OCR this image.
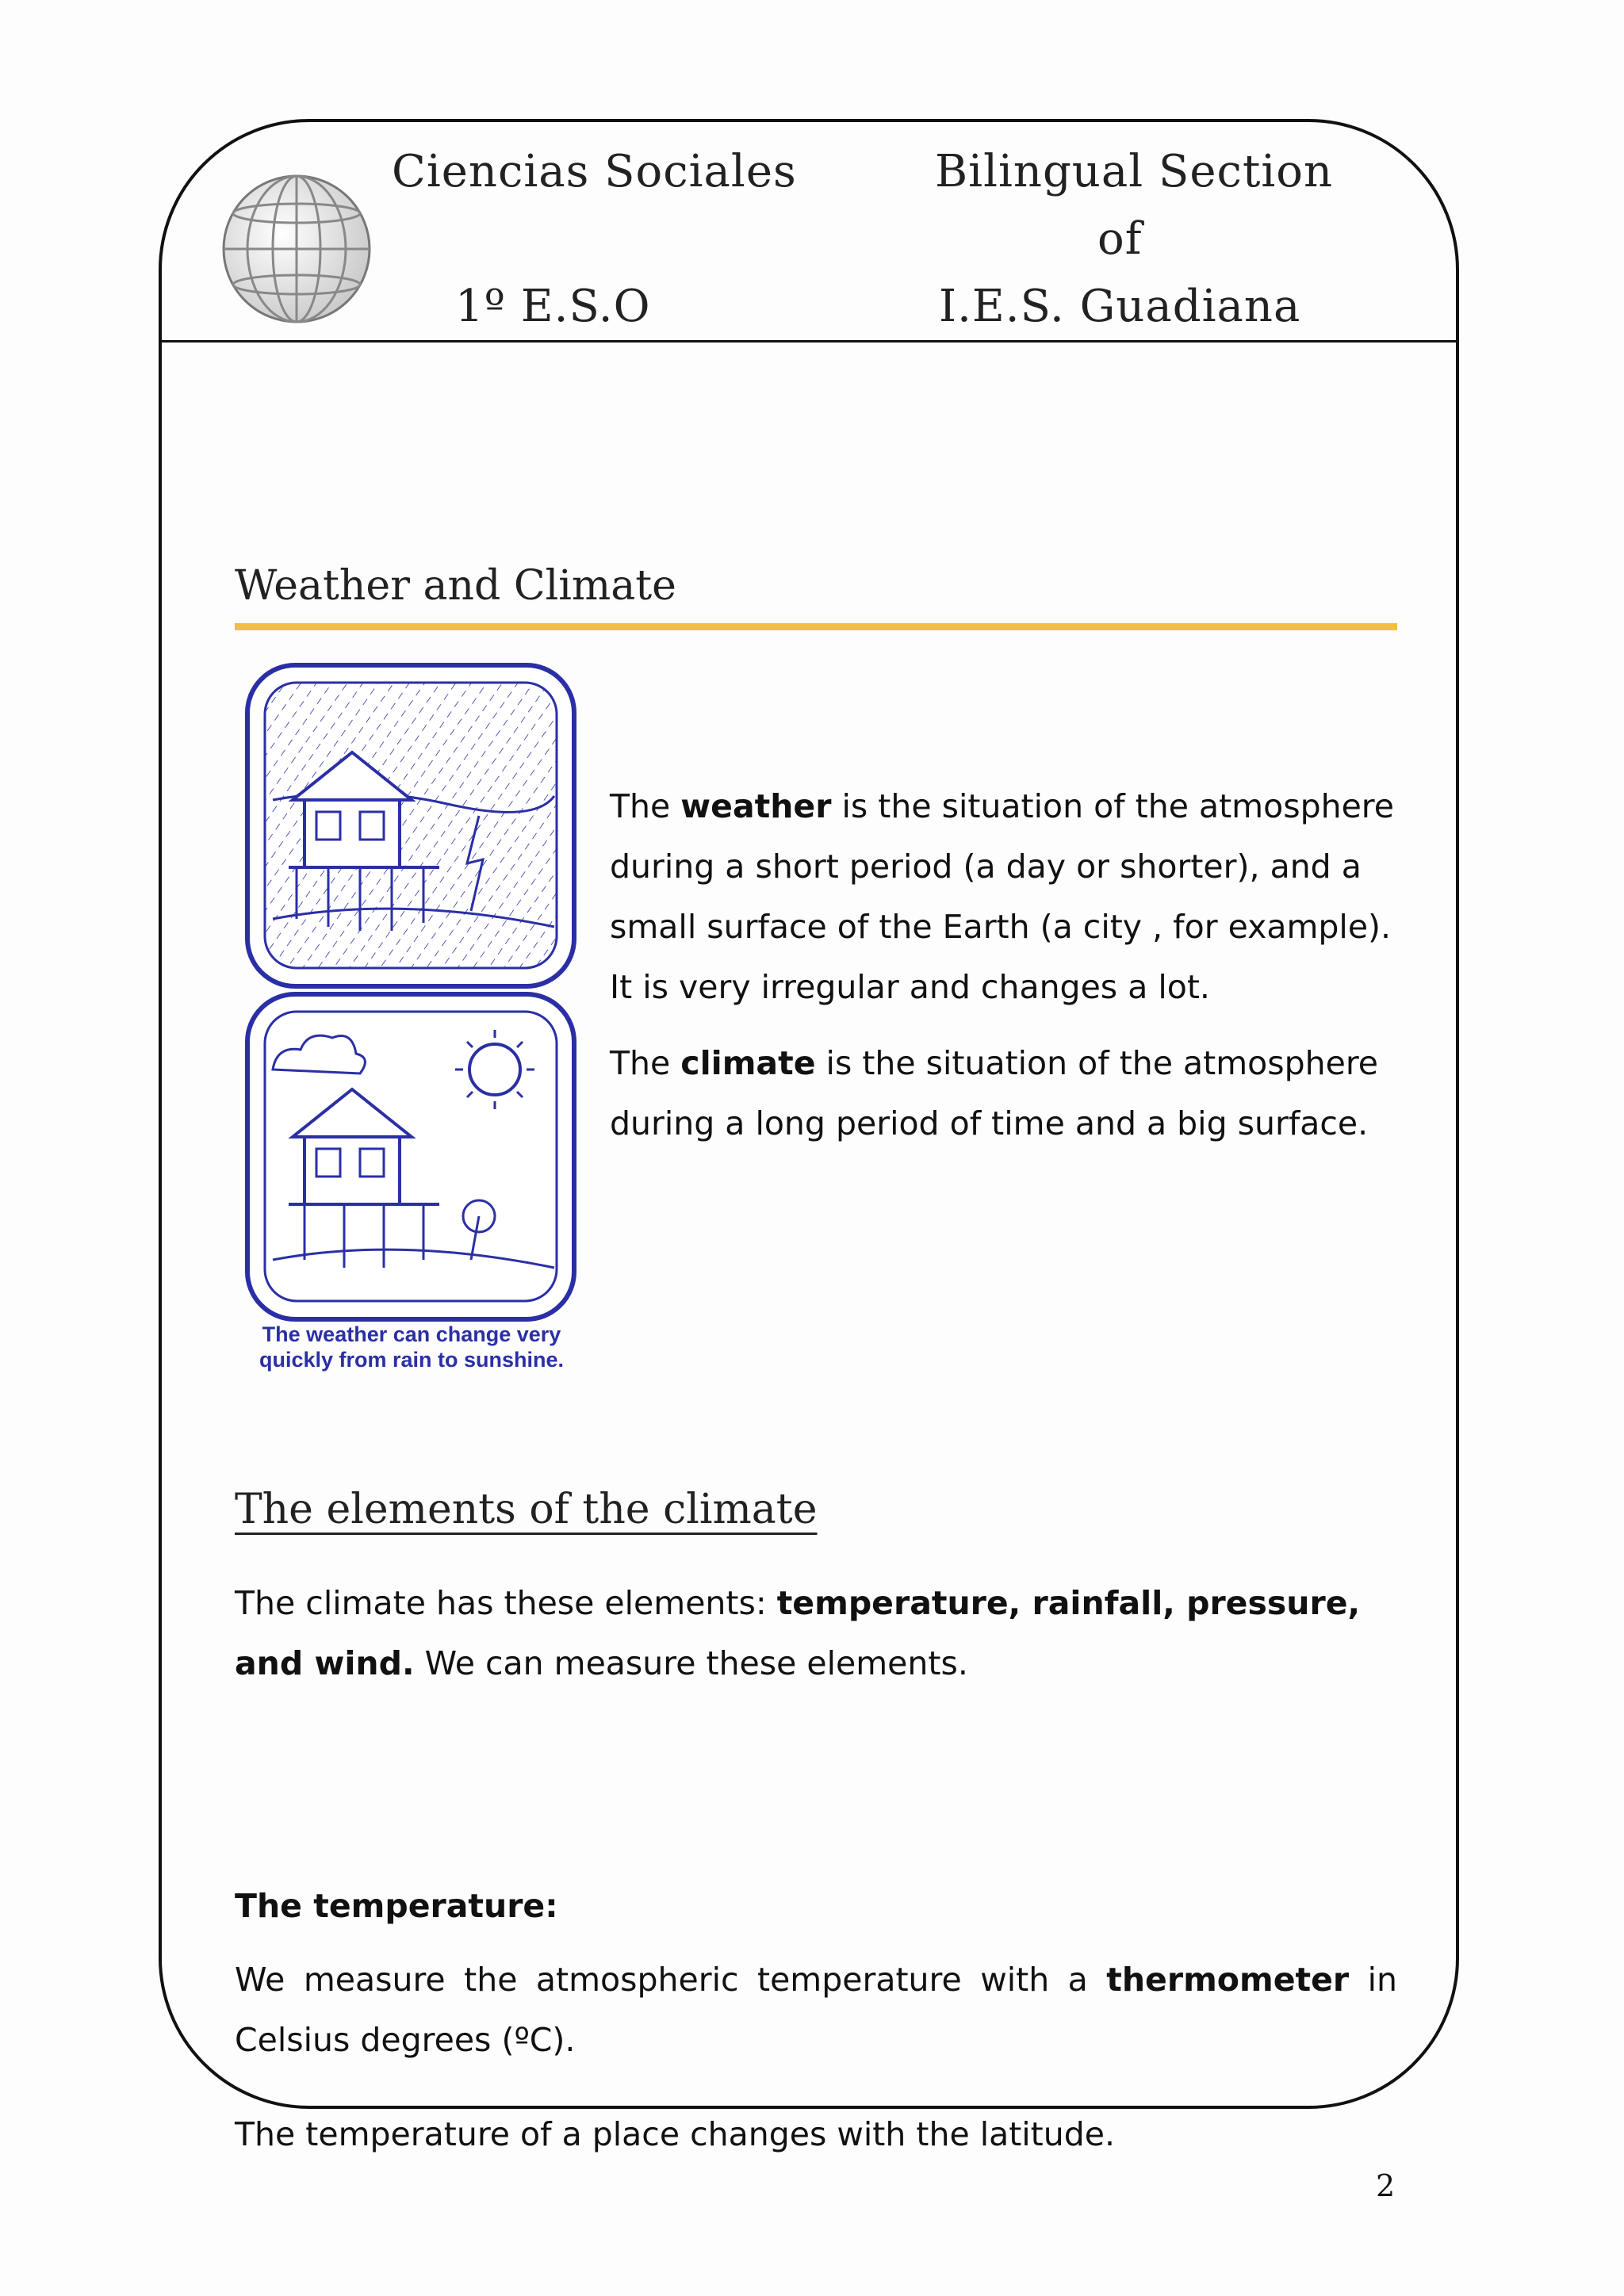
Ciencias Sociales
1º E.S.O
Bilingual Section
of
I.E.S. Guadiana
Weather and Climate
The weather can change very
quickly from rain to sunshine.

The weather is the situation of the atmosphere during a short period (a day or shorter), and a small surface of the Earth (a city , for example). It is very irregular and changes a lot.

The climate is the situation of the atmosphere during a long period of time and a big surface.

The elements of the climate
The climate has these elements: temperature, rainfall, pressure, and wind. We can measure these elements.
The temperature:
We measure the atmospheric temperature with a thermometer in Celsius degrees (ºC).
The temperature of a place changes with the latitude.
2
